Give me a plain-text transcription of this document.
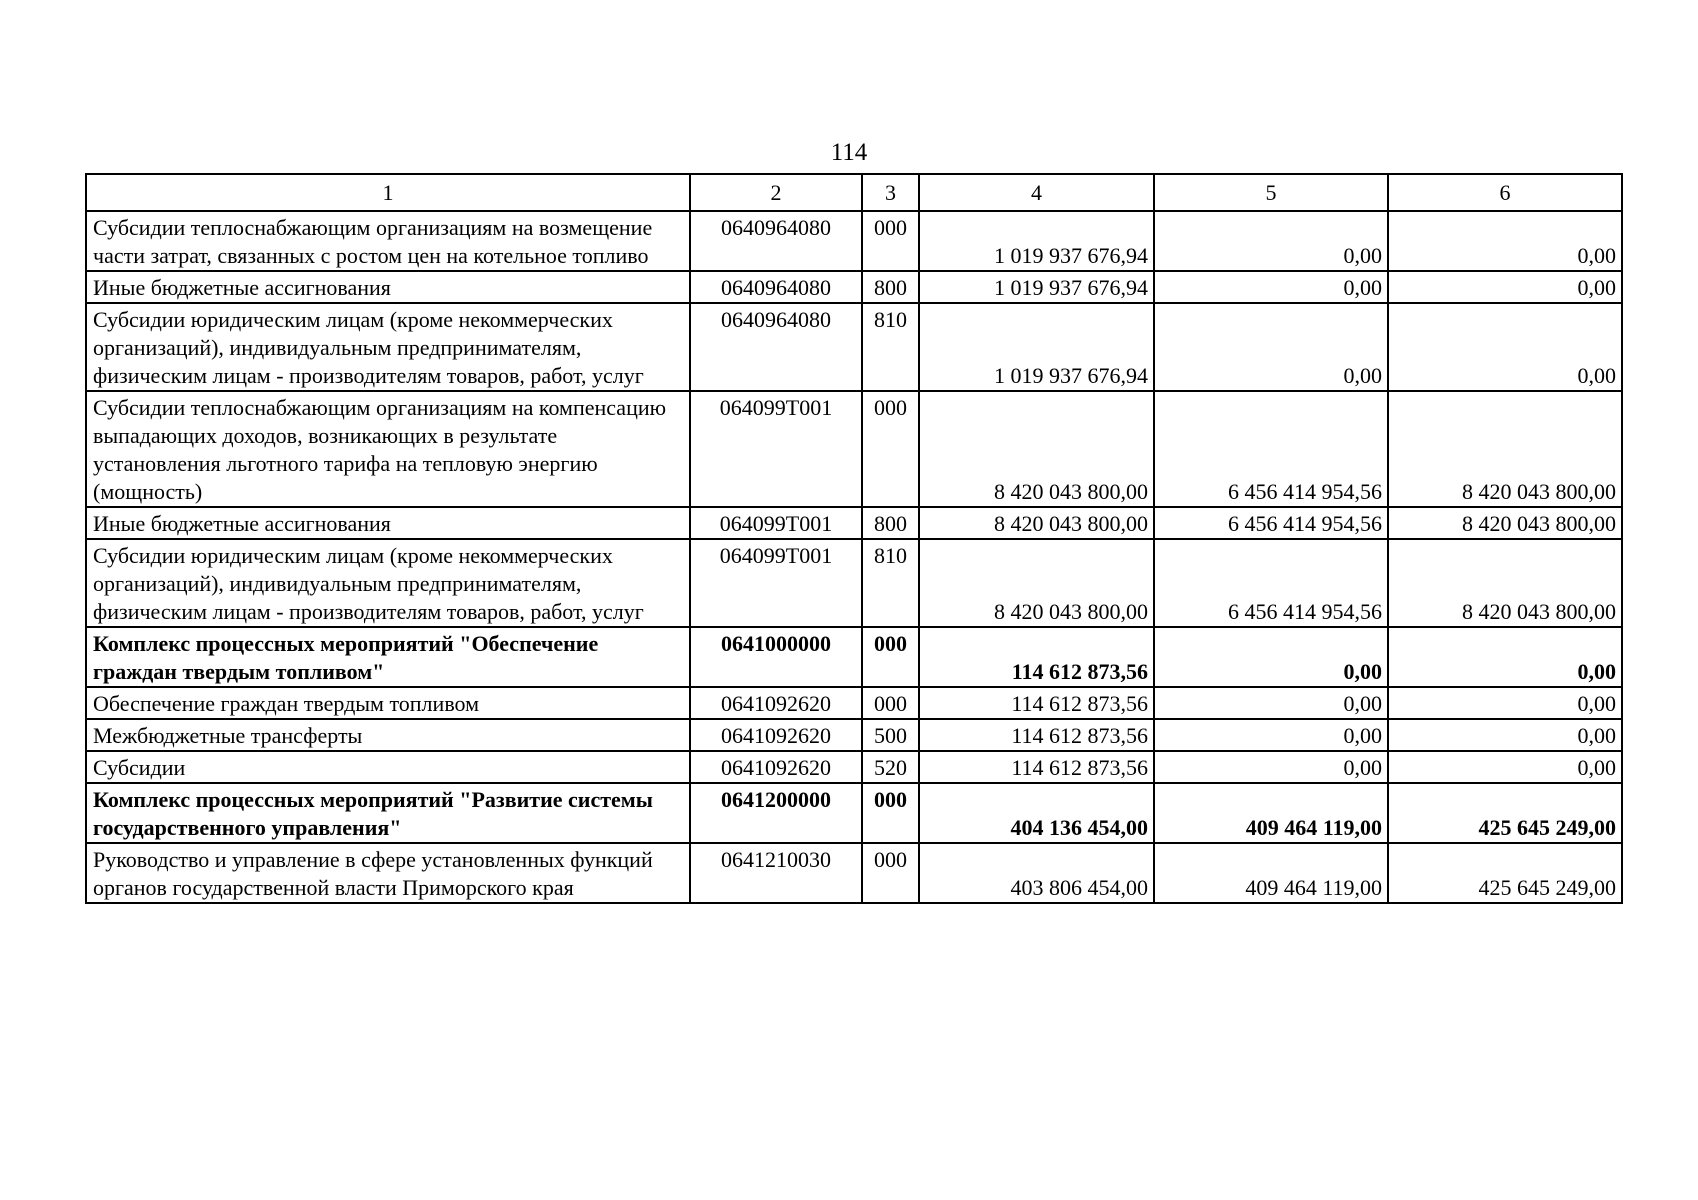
114
1	2	3	4	5	6
Субсидии теплоснабжающим организациям на возмещение части затрат, связанных с ростом цен на котельное топливо	0640964080	000	1 019 937 676,94	0,00	0,00
Иные бюджетные ассигнования	0640964080	800	1 019 937 676,94	0,00	0,00
Субсидии юридическим лицам (кроме некоммерческих организаций), индивидуальным предпринимателям, физическим лицам - производителям товаров, работ, услуг	0640964080	810	1 019 937 676,94	0,00	0,00
Субсидии теплоснабжающим организациям на компенсацию выпадающих доходов, возникающих в результате установления льготного тарифа на тепловую энергию (мощность)	064099T001	000	8 420 043 800,00	6 456 414 954,56	8 420 043 800,00
Иные бюджетные ассигнования	064099T001	800	8 420 043 800,00	6 456 414 954,56	8 420 043 800,00
Субсидии юридическим лицам (кроме некоммерческих организаций), индивидуальным предпринимателям, физическим лицам - производителям товаров, работ, услуг	064099T001	810	8 420 043 800,00	6 456 414 954,56	8 420 043 800,00
Комплекс процессных мероприятий "Обеспечение граждан твердым топливом"	0641000000	000	114 612 873,56	0,00	0,00
Обеспечение граждан твердым топливом	0641092620	000	114 612 873,56	0,00	0,00
Межбюджетные трансферты	0641092620	500	114 612 873,56	0,00	0,00
Субсидии	0641092620	520	114 612 873,56	0,00	0,00
Комплекс процессных мероприятий "Развитие системы государственного управления"	0641200000	000	404 136 454,00	409 464 119,00	425 645 249,00
Руководство и управление в сфере установленных функций органов государственной власти Приморского края	0641210030	000	403 806 454,00	409 464 119,00	425 645 249,00
